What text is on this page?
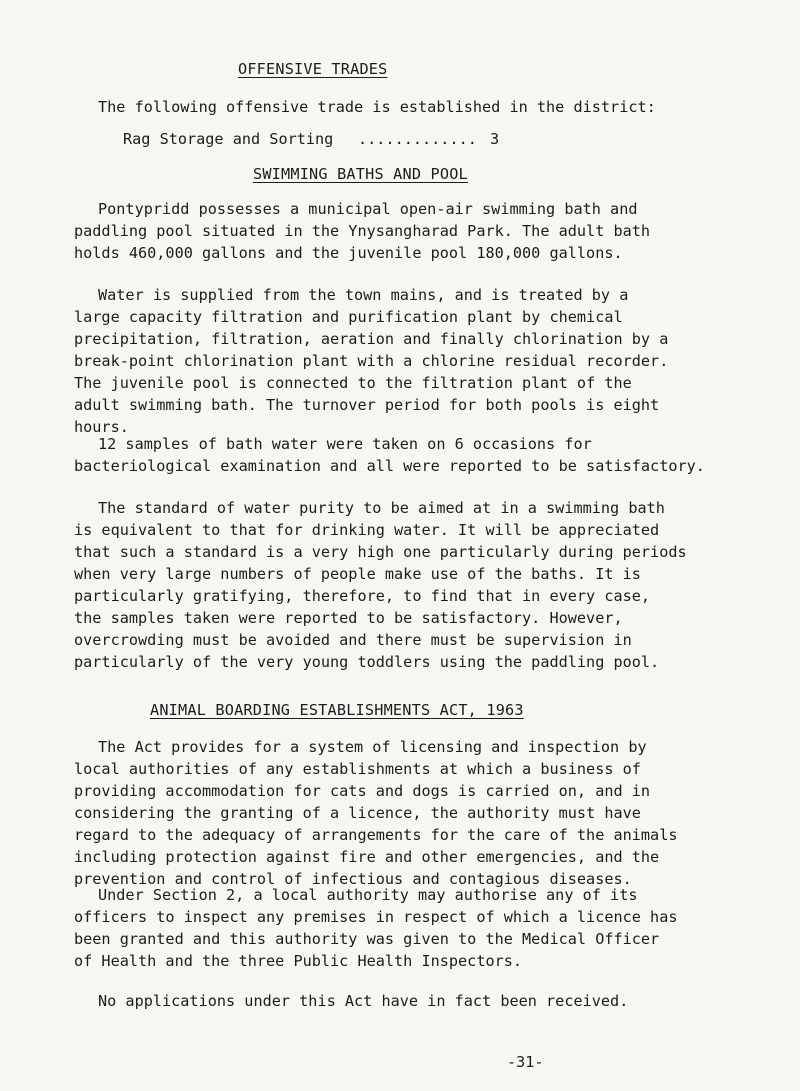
OFFENSIVE TRADES
The following offensive trade is established in the district:
Rag Storage and Sorting ............. 3
SWIMMING BATHS AND POOL

Pontypridd possesses a municipal open-air swimming bath and
paddling pool situated in the Ynysangharad Park. The adult bath
holds 460,000 gallons and the juvenile pool 180,000 gallons.

Water is supplied from the town mains, and is treated by a
large capacity filtration and purification plant by chemical
precipitation, filtration, aeration and finally chlorination by a
break-point chlorination plant with a chlorine residual recorder.
The juvenile pool is connected to the filtration plant of the
adult swimming bath. The turnover period for both pools is eight
hours.

12 samples of bath water were taken on 6 occasions for
bacteriological examination and all were reported to be satisfactory.

The standard of water purity to be aimed at in a swimming bath
is equivalent to that for drinking water. It will be appreciated
that such a standard is a very high one particularly during periods
when very large numbers of people make use of the baths. It is
particularly gratifying, therefore, to find that in every case,
the samples taken were reported to be satisfactory. However,
overcrowding must be avoided and there must be supervision in
particularly of the very young toddlers using the paddling pool.

ANIMAL BOARDING ESTABLISHMENTS ACT, 1963

The Act provides for a system of licensing and inspection by
local authorities of any establishments at which a business of
providing accommodation for cats and dogs is carried on, and in
considering the granting of a licence, the authority must have
regard to the adequacy of arrangements for the care of the animals
including protection against fire and other emergencies, and the
prevention and control of infectious and contagious diseases.

Under Section 2, a local authority may authorise any of its
officers to inspect any premises in respect of which a licence has
been granted and this authority was given to the Medical Officer
of Health and the three Public Health Inspectors.

No applications under this Act have in fact been received.
-31-
